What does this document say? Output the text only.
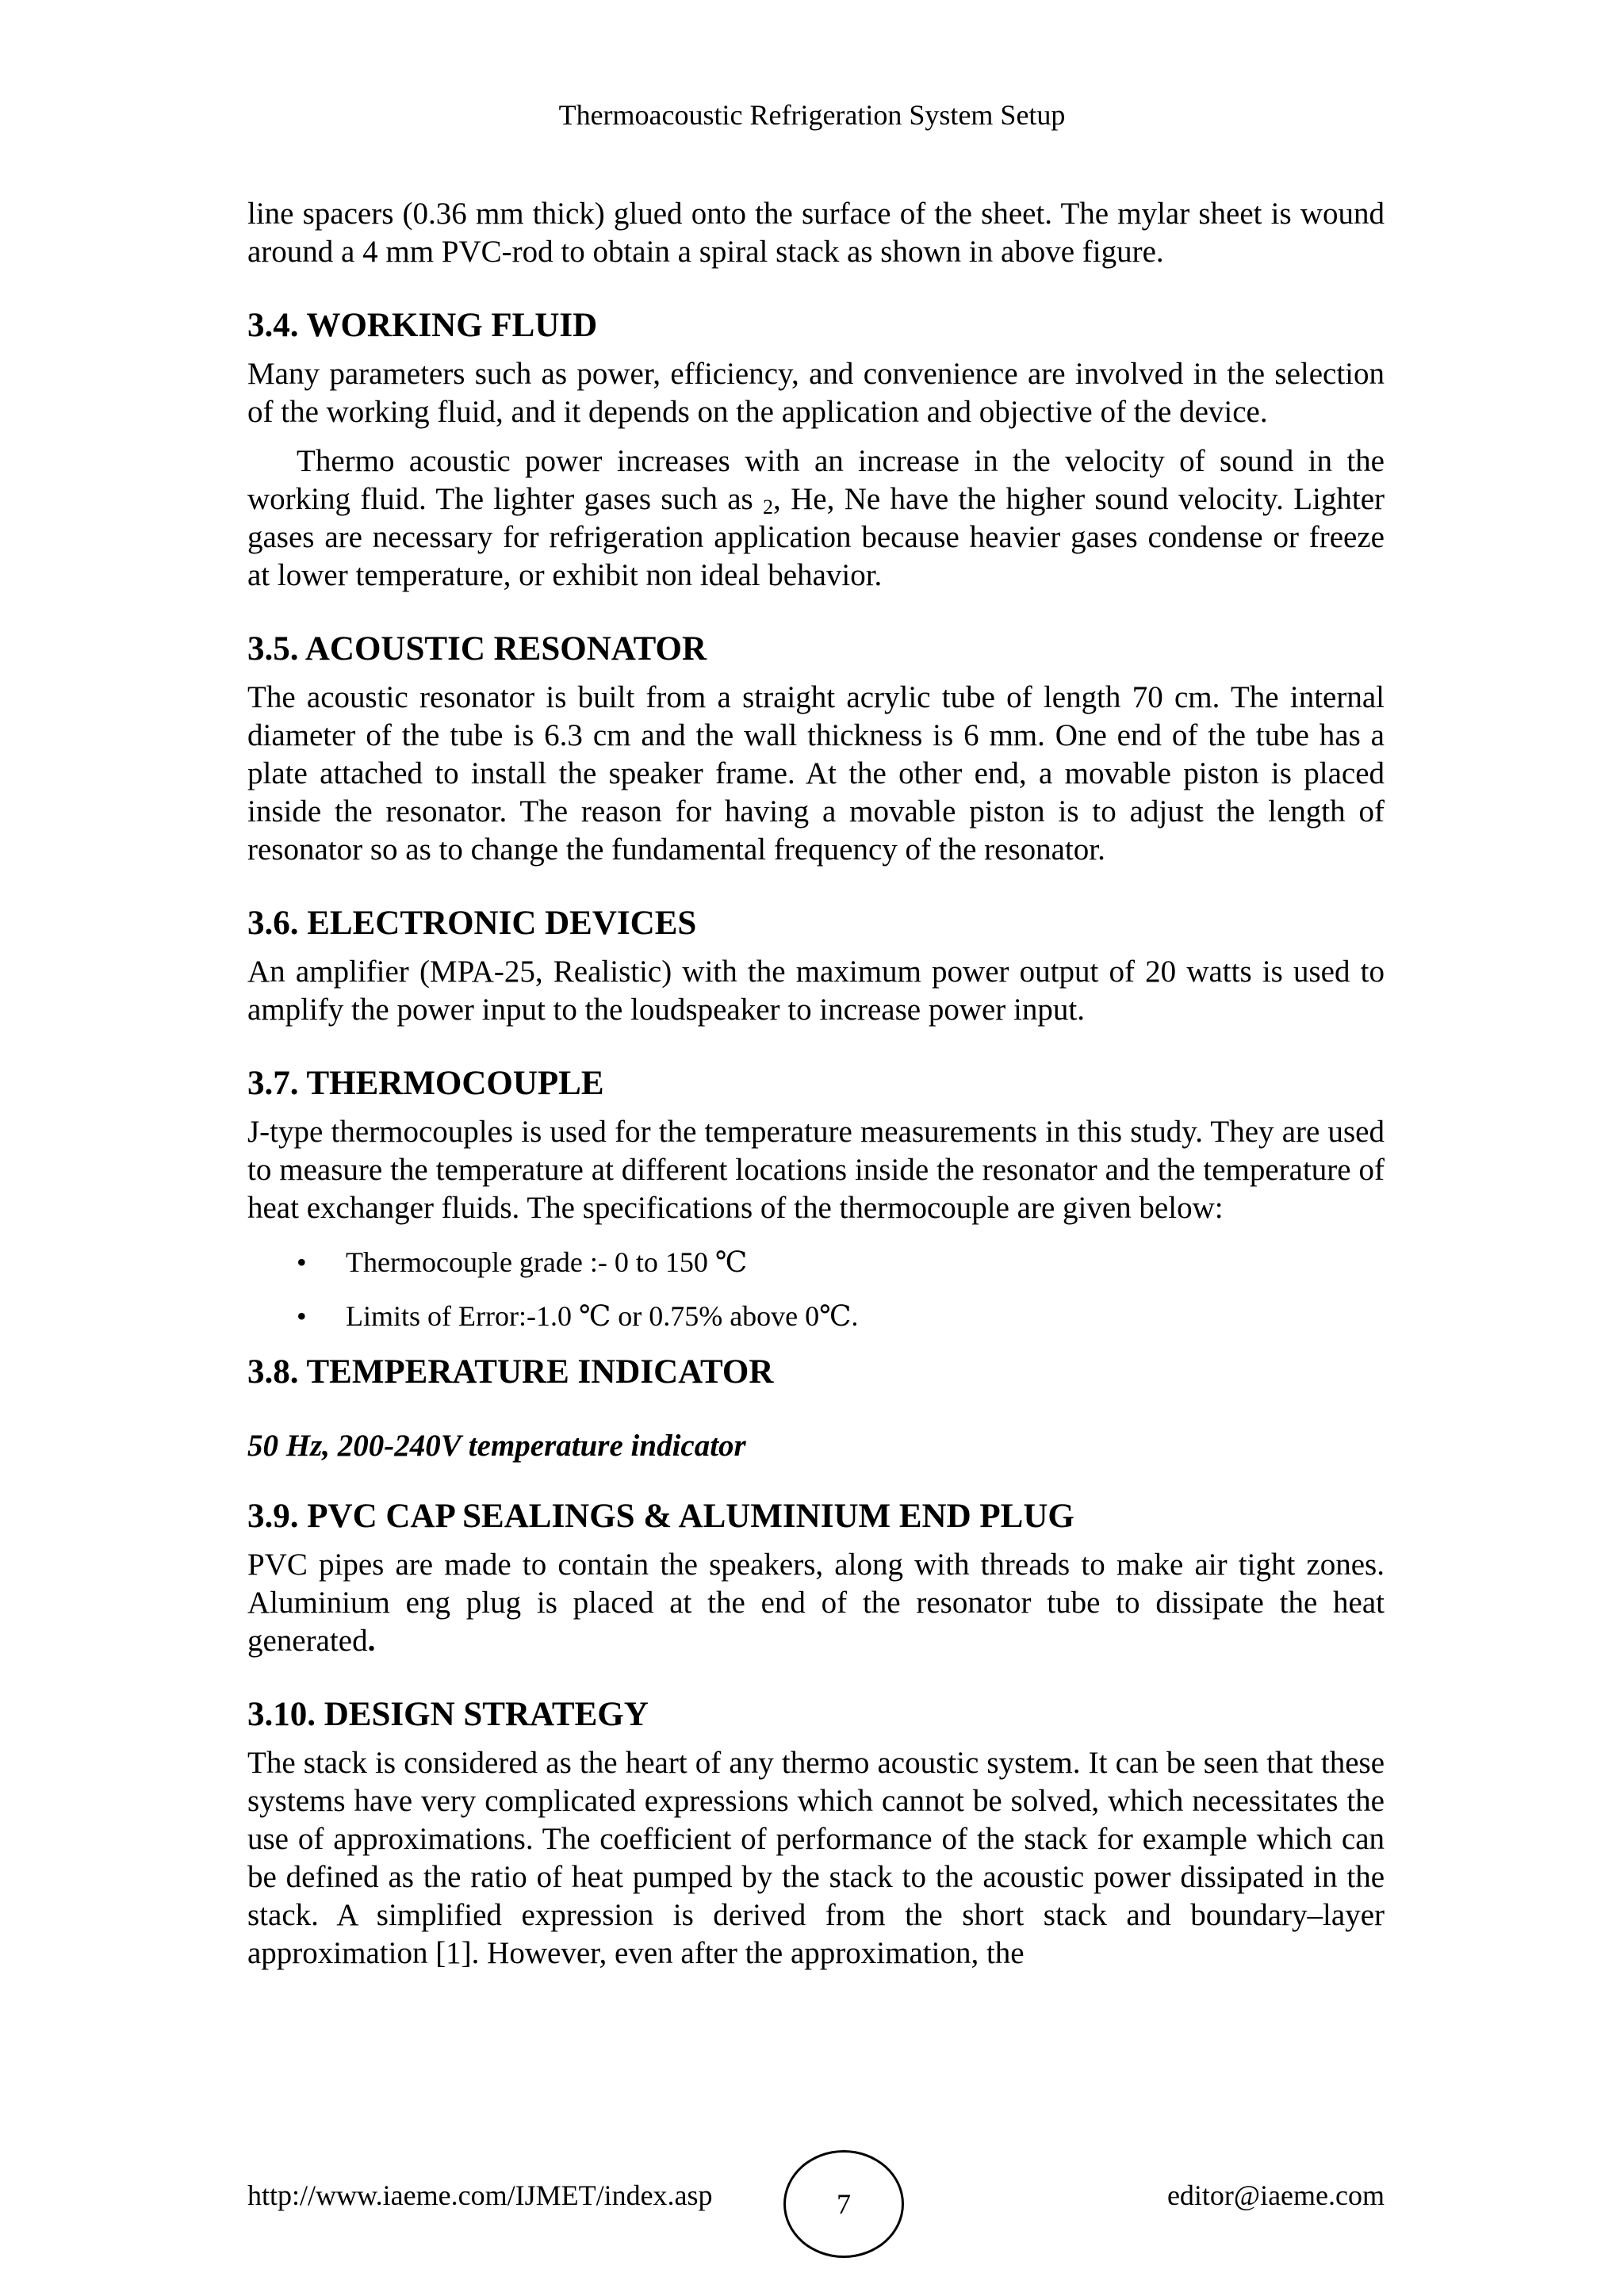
Thermoacoustic Refrigeration System Setup

line spacers (0.36 mm thick) glued onto the surface of the sheet. The mylar sheet is wound around a 4 mm PVC-rod to obtain a spiral stack as shown in above figure.

3.4. WORKING FLUID

Many parameters such as power, efficiency, and convenience are involved in the selection of the working fluid, and it depends on the application and objective of the device.

Thermo acoustic power increases with an increase in the velocity of sound in the working fluid. The lighter gases such as $_2$, He, Ne have the higher sound velocity. Lighter gases are necessary for refrigeration application because heavier gases condense or freeze at lower temperature, or exhibit non ideal behavior.

3.5. ACOUSTIC RESONATOR

The acoustic resonator is built from a straight acrylic tube of length 70 cm. The internal diameter of the tube is 6.3 cm and the wall thickness is 6 mm. One end of the tube has a plate attached to install the speaker frame. At the other end, a movable piston is placed inside the resonator. The reason for having a movable piston is to adjust the length of resonator so as to change the fundamental frequency of the resonator.

3.6. ELECTRONIC DEVICES

An amplifier (MPA-25, Realistic) with the maximum power output of 20 watts is used to amplify the power input to the loudspeaker to increase power input.

3.7. THERMOCOUPLE

J-type thermocouples is used for the temperature measurements in this study. They are used to measure the temperature at different locations inside the resonator and the temperature of heat exchanger fluids. The specifications of the thermocouple are given below:

• Thermocouple grade :- 0 to 150 ℃
• Limits of Error:-1.0 ℃ or 0.75% above 0℃.
3.8. TEMPERATURE INDICATOR
50 Hz, 200-240V temperature indicator
3.9. PVC CAP SEALINGS & ALUMINIUM END PLUG

PVC pipes are made to contain the speakers, along with threads to make air tight zones. Aluminium eng plug is placed at the end of the resonator tube to dissipate the heat generated.

3.10. DESIGN STRATEGY

The stack is considered as the heart of any thermo acoustic system. It can be seen that these systems have very complicated expressions which cannot be solved, which necessitates the use of approximations. The coefficient of performance of the stack for example which can be defined as the ratio of heat pumped by the stack to the acoustic power dissipated in the stack. A simplified expression is derived from the short stack and boundary–layer approximation [1]. However, even after the approximation, the

http://www.iaeme.com/IJMET/index.asp	7	editor@iaeme.com
